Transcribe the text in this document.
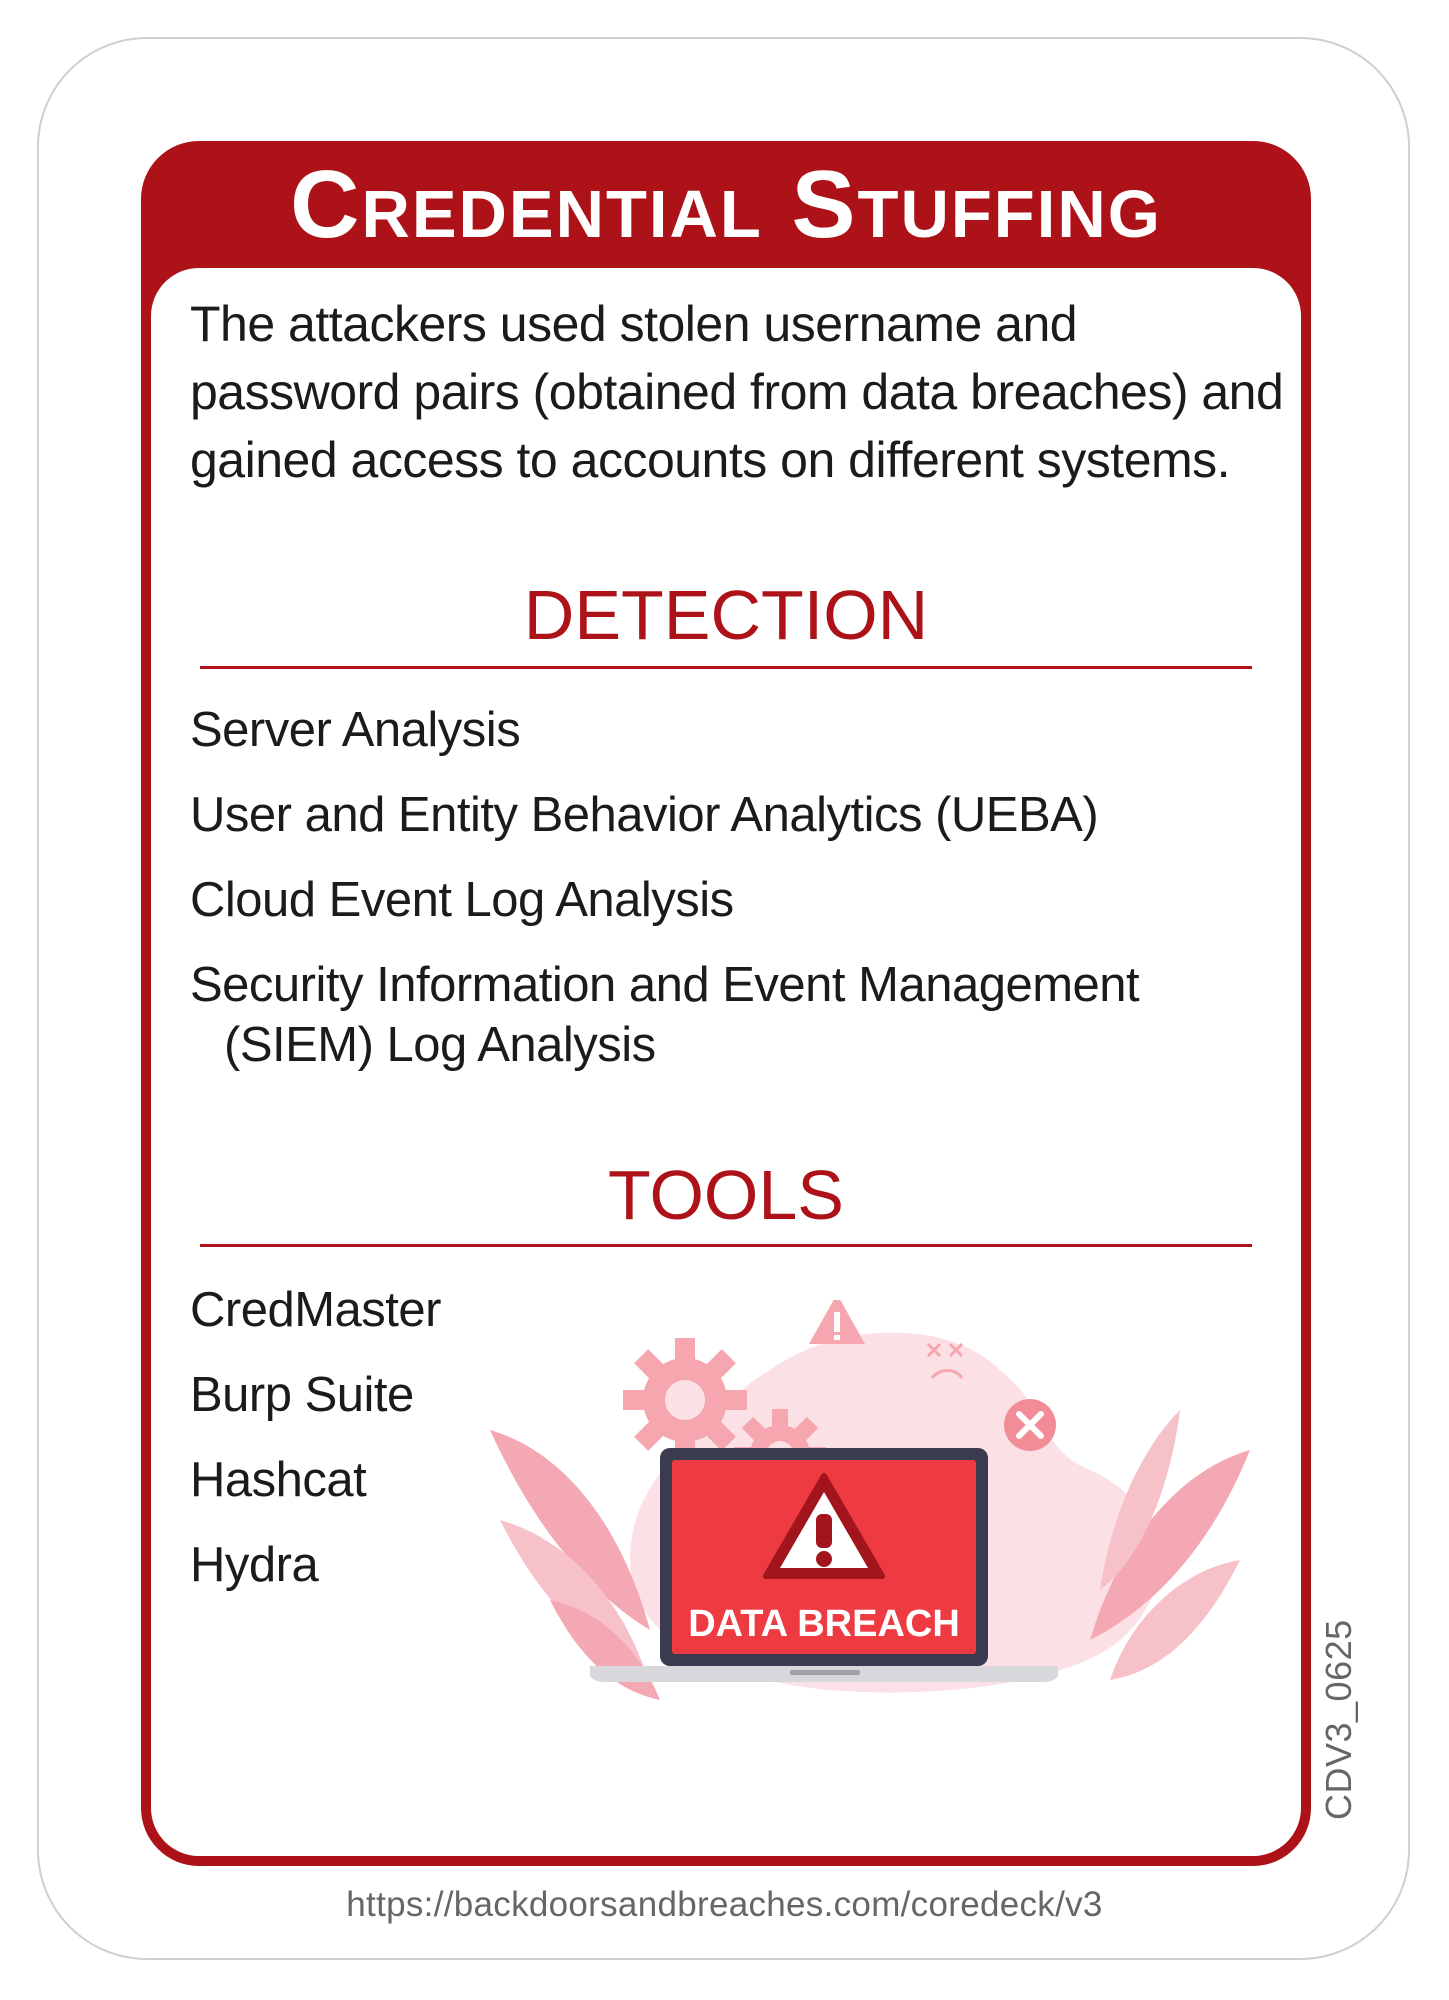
Credential Stuffing
The attackers used stolen username and password pairs (obtained from data breaches) and gained access to accounts on different systems.
DETECTION
Server Analysis
User and Entity Behavior Analytics (UEBA)
Cloud Event Log Analysis
Security Information and Event Management
(SIEM) Log Analysis
TOOLS
CredMaster
Burp Suite
Hashcat
Hydra
DATA BREACH	CDV3_0625
https://backdoorsandbreaches.com/coredeck/v3
